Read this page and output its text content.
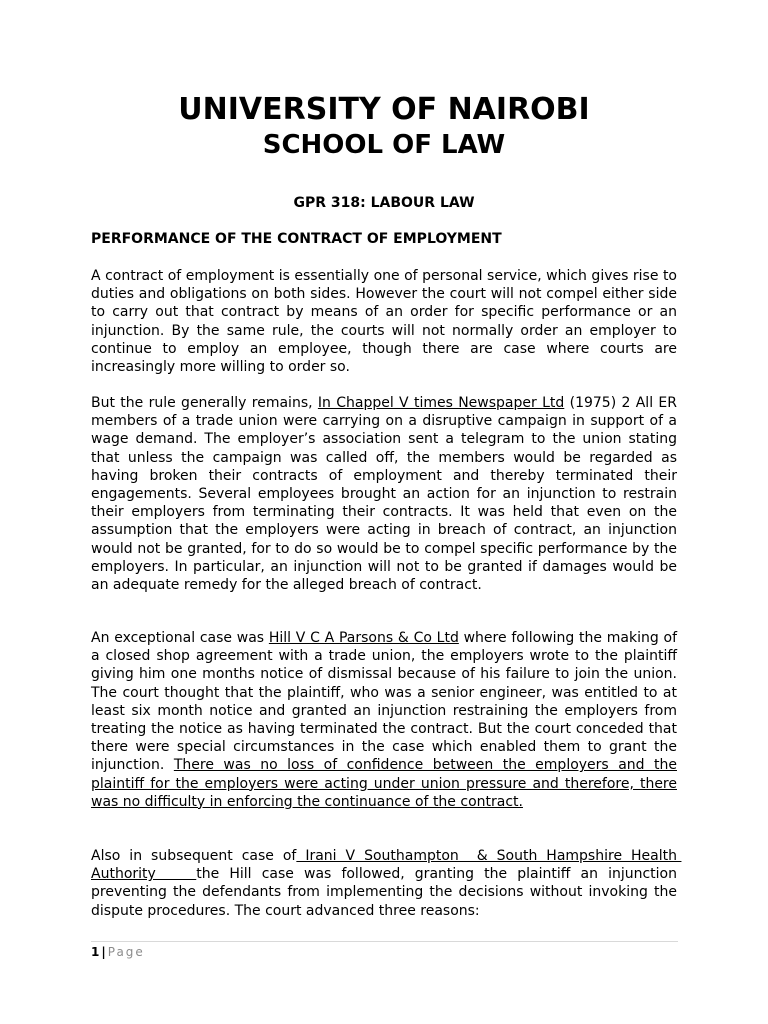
UNIVERSITY OF NAIROBI
SCHOOL OF LAW
GPR 318: LABOUR LAW
PERFORMANCE OF THE CONTRACT OF EMPLOYMENT
A contract of employment is essentially one of personal service, which gives rise to duties and obligations on both sides. However the court will not compel either side to carry out that contract by means of an order for specific performance or an injunction. By the same rule, the courts will not normally order an employer to continue to employ an employee, though there are case where courts are increasingly more willing to order so.
But the rule generally remains, In Chappel V times Newspaper Ltd (1975) 2 All ER members of a trade union were carrying on a disruptive campaign in support of a wage demand. The employer’s association sent a telegram to the union stating that unless the campaign was called off, the members would be regarded as having broken their contracts of employment and thereby terminated their engagements. Several employees brought an action for an injunction to restrain their employers from terminating their contracts. It was held that even on the assumption that the employers were acting in breach of contract, an injunction would not be granted, for to do so would be to compel specific performance by the employers. In particular, an injunction will not to be granted if damages would be an adequate remedy for the alleged breach of contract.
An exceptional case was Hill V C A Parsons & Co Ltd where following the making of a closed shop agreement with a trade union, the employers wrote to the plaintiff giving him one months notice of dismissal because of his failure to join the union. The court thought that the plaintiff, who was a senior engineer, was entitled to at least six month notice and granted an injunction restraining the employers from treating the notice as having terminated the contract. But the court conceded that there were special circumstances in the case which enabled them to grant the injunction. There was no loss of confidence between the employers and the plaintiff for the employers were acting under union pressure and therefore, there was no difficulty in enforcing the continuance of the contract.
Also in subsequent case of Irani V Southampton  & South Hampshire Health Authority    the Hill case was followed, granting the plaintiff an injunction preventing the defendants from implementing the decisions without invoking the dispute procedures. The court advanced three reasons:
1 | Page
